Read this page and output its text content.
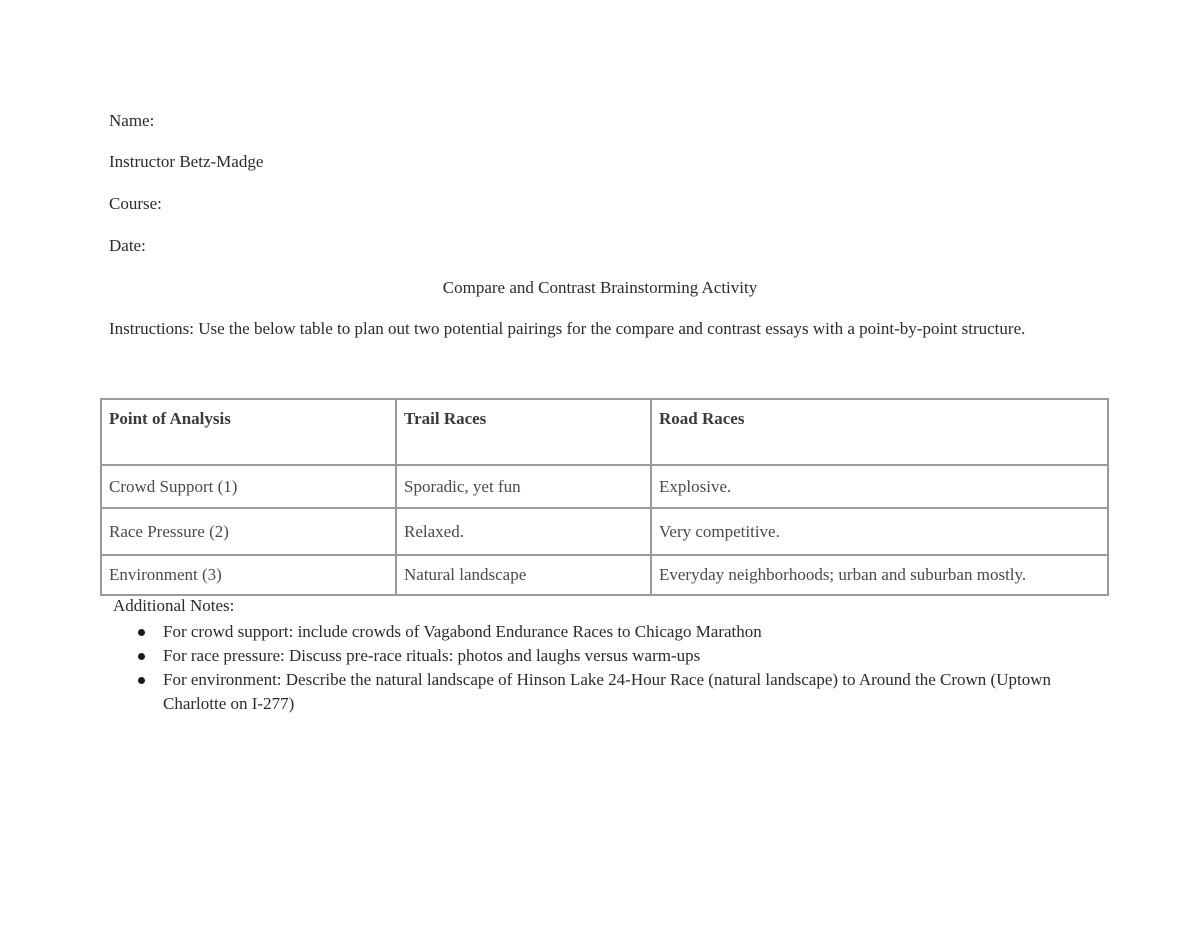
Name:
Instructor Betz-Madge
Course:
Date:
Compare and Contrast Brainstorming Activity
Instructions: Use the below table to plan out two potential pairings for the compare and contrast essays with a point-by-point structure.
Point of Analysis	Trail Races	Road Races
Crowd Support (1)	Sporadic, yet fun	Explosive.
Race Pressure (2)	Relaxed.	Very competitive.
Environment (3)	Natural landscape	Everyday neighborhoods; urban and suburban mostly.
Additional Notes:
For crowd support: include crowds of Vagabond Endurance Races to Chicago Marathon
For race pressure: Discuss pre-race rituals: photos and laughs versus warm-ups
For environment: Describe the natural landscape of Hinson Lake 24-Hour Race (natural landscape) to Around the Crown (Uptown Charlotte on I-277)
